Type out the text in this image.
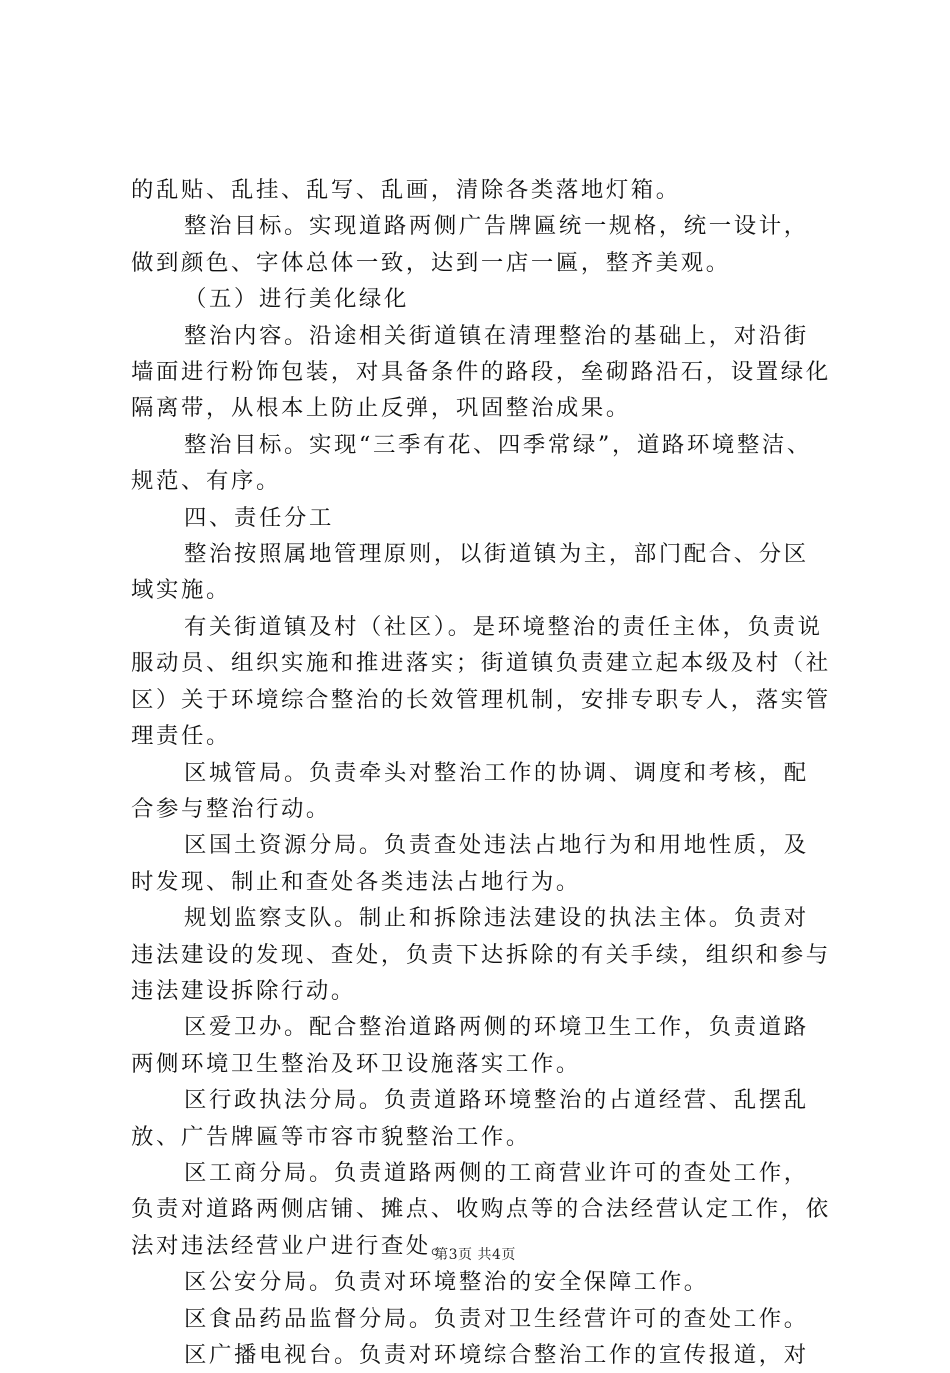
的乱贴、乱挂、乱写、乱画，清除各类落地灯箱。

整治目标。实现道路两侧广告牌匾统一规格，统一设计，做到颜色、字体总体一致，达到一店一匾，整齐美观。

（五）进行美化绿化

整治内容。沿途相关街道镇在清理整治的基础上，对沿街墙面进行粉饰包装，对具备条件的路段，垒砌路沿石，设置绿化隔离带，从根本上防止反弹，巩固整治成果。

整治目标。实现“三季有花、四季常绿”，道路环境整洁、规范、有序。

四、责任分工

整治按照属地管理原则，以街道镇为主，部门配合、分区域实施。

有关街道镇及村（社区）。是环境整治的责任主体，负责说服动员、组织实施和推进落实；街道镇负责建立起本级及村（社区）关于环境综合整治的长效管理机制，安排专职专人，落实管理责任。

区城管局。负责牵头对整治工作的协调、调度和考核，配合参与整治行动。

区国土资源分局。负责查处违法占地行为和用地性质，及时发现、制止和查处各类违法占地行为。

规划监察支队。制止和拆除违法建设的执法主体。负责对违法建设的发现、查处，负责下达拆除的有关手续，组织和参与违法建设拆除行动。

区爱卫办。配合整治道路两侧的环境卫生工作，负责道路两侧环境卫生整治及环卫设施落实工作。

区行政执法分局。负责道路环境整治的占道经营、乱摆乱放、广告牌匾等市容市貌整治工作。

区工商分局。负责道路两侧的工商营业许可的查处工作，负责对道路两侧店铺、摊点、收购点等的合法经营认定工作，依法对违法经营业户进行查处。

区公安分局。负责对环境整治的安全保障工作。

区食品药品监督分局。负责对卫生经营许可的查处工作。

区广播电视台。负责对环境综合整治工作的宣传报道，对

第3页 共4页
